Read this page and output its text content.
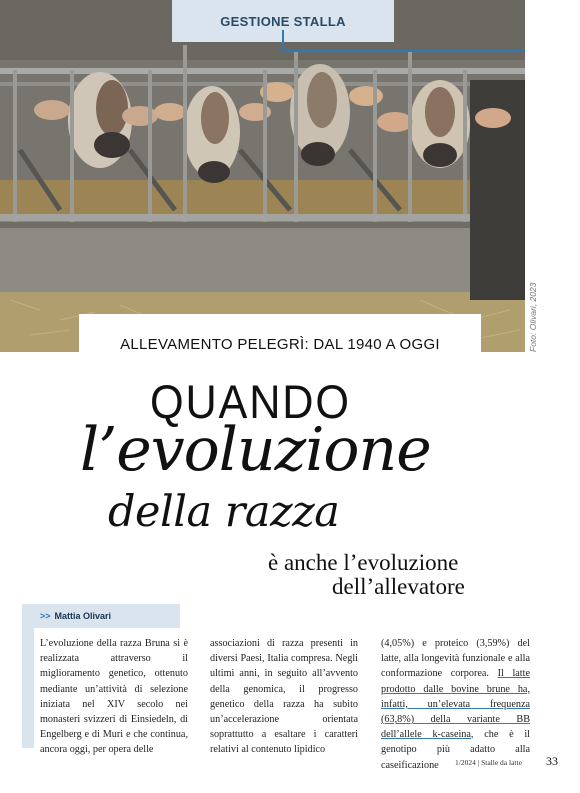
GESTIONE STALLA
Foto: Olivari, 2023
ALLEVAMENTO PELEGRÌ: DAL 1940 A OGGI
QUANDO
l’evoluzione
della razza
è anche l’evoluzione
dell’allevatore
>> Mattia Olivari

L’evoluzione della razza Bruna si è realizzata attraverso il miglioramento genetico, ottenuto mediante un’attività di selezione iniziata nel XIV secolo nei monasteri svizzeri di Einsiedeln, di Engelberg e di Muri e che continua, ancora oggi, per opera delle

associazioni di razza presenti in diversi Paesi, Italia compresa. Negli ultimi anni, in seguito all’avvento della genomica, il progresso genetico della razza ha subito un’accelerazione orientata soprattutto a esaltare i caratteri relativi al contenuto lipidico

(4,05%) e proteico (3,59%) del latte, alla longevità funzionale e alla conformazione corporea. Il latte prodotto dalle bovine brune ha, infatti, un’elevata frequenza (63,8%) della variante BB dell’allele k-caseina, che è il genotipo più adatto alla caseificazione	1/2024 | Stalle da latte 33
